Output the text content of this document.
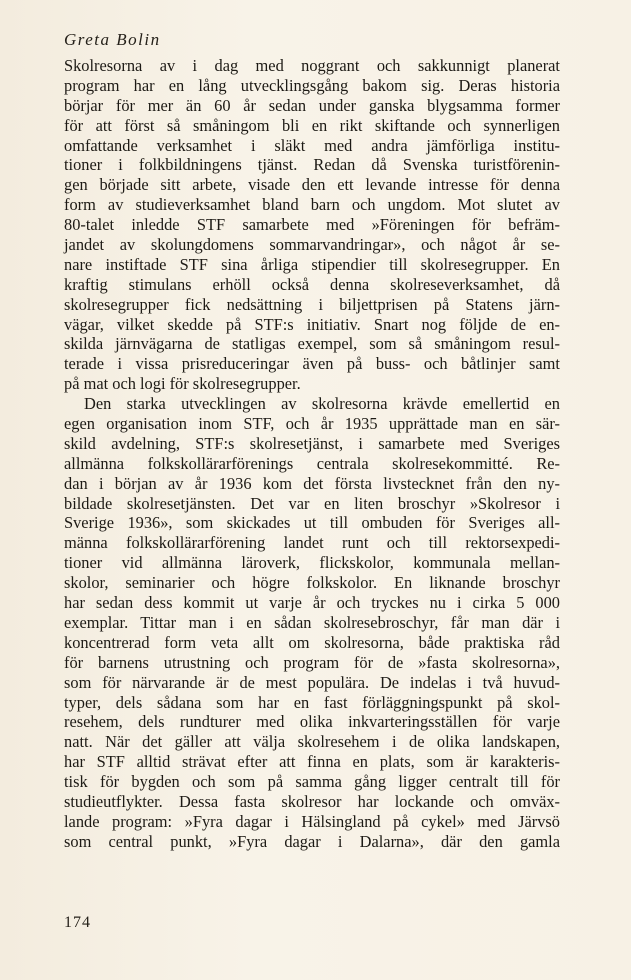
Greta Bolin
Skolresorna av i dag med noggrant och sakkunnigt planerat
program har en lång utvecklingsgång bakom sig. Deras historia
börjar för mer än 60 år sedan under ganska blygsamma former
för att först så småningom bli en rikt skiftande och synnerligen
omfattande verksamhet i släkt med andra jämförliga institu-
tioner i folkbildningens tjänst. Redan då Svenska turistförenin-
gen började sitt arbete, visade den ett levande intresse för denna
form av studieverksamhet bland barn och ungdom. Mot slutet av
80-talet inledde STF samarbete med »Föreningen för befräm-
jandet av skolungdomens sommarvandringar», och något år se-
nare instiftade STF sina årliga stipendier till skolresegrupper. En
kraftig stimulans erhöll också denna skolreseverksamhet, då
skolresegrupper fick nedsättning i biljettprisen på Statens järn-
vägar, vilket skedde på STF:s initiativ. Snart nog följde de en-
skilda järnvägarna de statligas exempel, som så småningom resul-
terade i vissa prisreduceringar även på buss- och båtlinjer samt
på mat och logi för skolresegrupper.
Den starka utvecklingen av skolresorna krävde emellertid en
egen organisation inom STF, och år 1935 upprättade man en sär-
skild avdelning, STF:s skolresetjänst, i samarbete med Sveriges
allmänna folkskollärarförenings centrala skolresekommitté. Re-
dan i början av år 1936 kom det första livstecknet från den ny-
bildade skolresetjänsten. Det var en liten broschyr »Skolresor i
Sverige 1936», som skickades ut till ombuden för Sveriges all-
männa folkskollärarförening landet runt och till rektorsexpedi-
tioner vid allmänna läroverk, flickskolor, kommunala mellan-
skolor, seminarier och högre folkskolor. En liknande broschyr
har sedan dess kommit ut varje år och tryckes nu i cirka 5 000
exemplar. Tittar man i en sådan skolresebroschyr, får man där i
koncentrerad form veta allt om skolresorna, både praktiska råd
för barnens utrustning och program för de »fasta skolresorna»,
som för närvarande är de mest populära. De indelas i två huvud-
typer, dels sådana som har en fast förläggningspunkt på skol-
resehem, dels rundturer med olika inkvarteringsställen för varje
natt. När det gäller att välja skolresehem i de olika landskapen,
har STF alltid strävat efter att finna en plats, som är karakteris-
tisk för bygden och som på samma gång ligger centralt till för
studieutflykter. Dessa fasta skolresor har lockande och omväx-
lande program: »Fyra dagar i Hälsingland på cykel» med Järvsö
som central punkt, »Fyra dagar i Dalarna», där den gamla
174
